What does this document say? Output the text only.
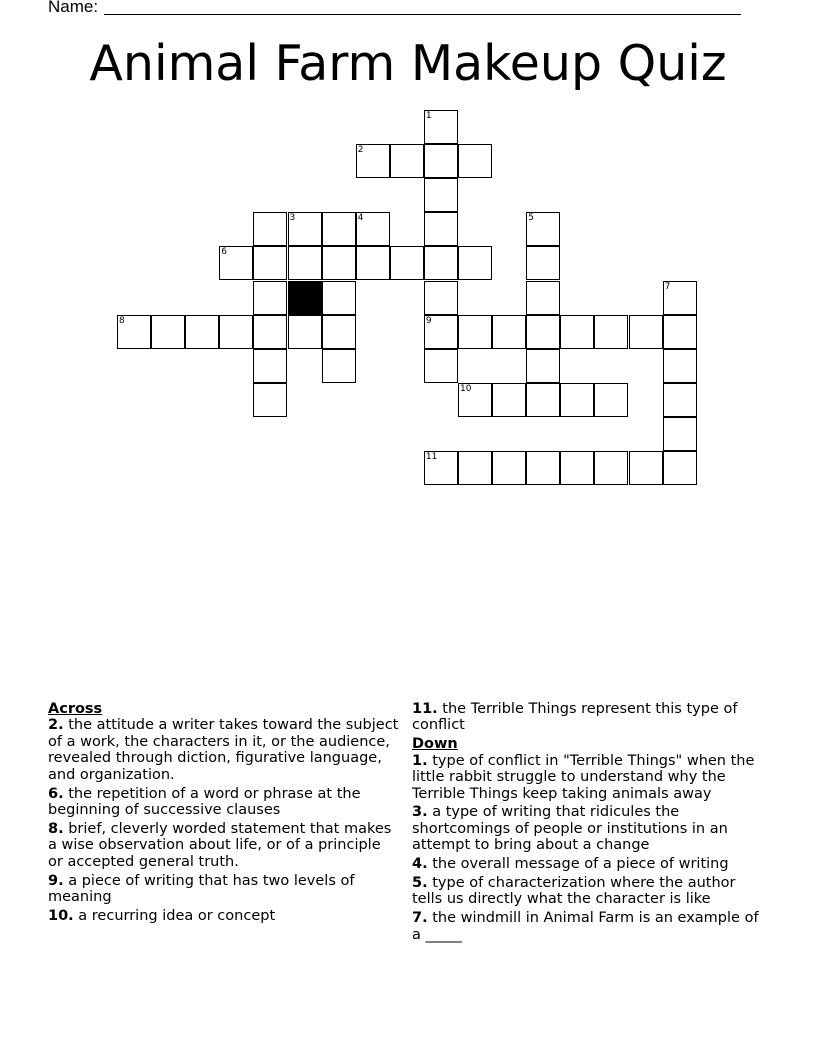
Name:
Animal Farm Makeup Quiz
1
2
5
6
7
8	9
10
11
3	4

Across

2. the attitude a writer takes toward the subject of a work, the characters in it, or the audience, revealed through diction, figurative language, and organization.

6. the repetition of a word or phrase at the beginning of successive clauses

8. brief, cleverly worded statement that makes a wise observation about life, or of a principle or accepted general truth.

9. a piece of writing that has two levels of meaning

10. a recurring idea or concept

11. the Terrible Things represent this type of conflict

Down

1. type of conflict in "Terrible Things" when the little rabbit struggle to understand why the Terrible Things keep taking animals away

3. a type of writing that ridicules the shortcomings of people or institutions in an attempt to bring about a change

4. the overall message of a piece of writing

5. type of characterization where the author tells us directly what the character is like

7. the windmill in Animal Farm is an example of a _____
